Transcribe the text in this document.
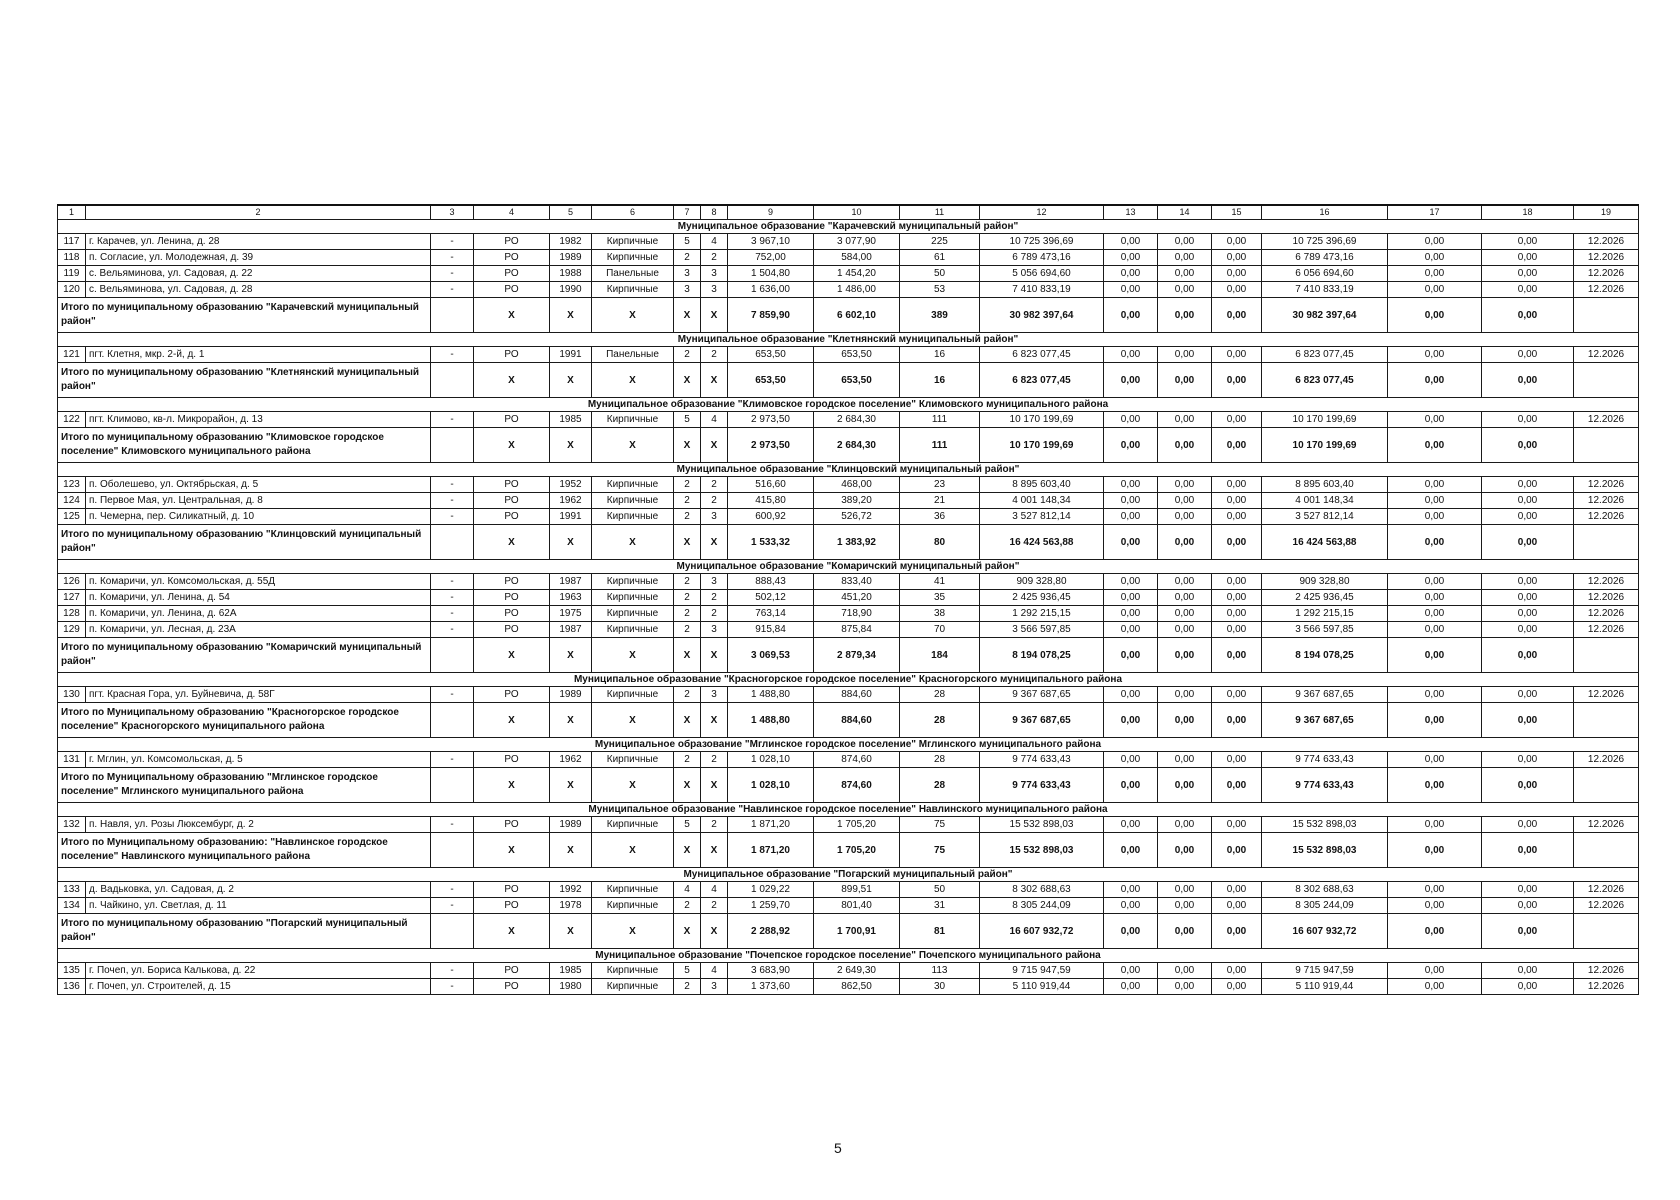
1	2	3	4	5	6	7	8	9	10	11	12	13	14	15	16	17	18	19
Муниципальное образование "Карачевский муниципальный район"																		
117	г. Карачев, ул. Ленина, д. 28	-	РО	1982	Кирпичные	5	4	3 967,10	3 077,90	225	10 725 396,69	0,00	0,00	0,00	10 725 396,69	0,00	0,00	12.2026
118	п. Согласие, ул. Молодежная, д. 39	-	РО	1989	Кирпичные	2	2	752,00	584,00	61	6 789 473,16	0,00	0,00	0,00	6 789 473,16	0,00	0,00	12.2026
119	с. Вельяминова, ул. Садовая, д. 22	-	РО	1988	Панельные	3	3	1 504,80	1 454,20	50	5 056 694,60	0,00	0,00	0,00	6 056 694,60	0,00	0,00	12.2026
120	с. Вельяминова, ул. Садовая, д. 28	-	РО	1990	Кирпичные	3	3	1 636,00	1 486,00	53	7 410 833,19	0,00	0,00	0,00	7 410 833,19	0,00	0,00	12.2026
Итого по муниципальному образованию "Карачевский муниципальный район"			X	X	X	X	X	7 859,90	6 602,10	389	30 982 397,64	0,00	0,00	0,00	30 982 397,64	0,00	0,00	
Муниципальное образование "Клетнянский муниципальный район"																		
121	пгт. Клетня, мкр. 2-й, д. 1	-	РО	1991	Панельные	2	2	653,50	653,50	16	6 823 077,45	0,00	0,00	0,00	6 823 077,45	0,00	0,00	12.2026
Итого по муниципальному образованию "Клетнянский муниципальный район"			X	X	X	X	X	653,50	653,50	16	6 823 077,45	0,00	0,00	0,00	6 823 077,45	0,00	0,00	
Муниципальное образование "Климовское городское поселение" Климовского муниципального района																		
122	пгт. Климово, кв-л. Микрорайон, д. 13	-	РО	1985	Кирпичные	5	4	2 973,50	2 684,30	111	10 170 199,69	0,00	0,00	0,00	10 170 199,69	0,00	0,00	12.2026
Итого по муниципальному образованию "Климовское городское поселение" Климовского муниципального района			X	X	X	X	X	2 973,50	2 684,30	111	10 170 199,69	0,00	0,00	0,00	10 170 199,69	0,00	0,00	
Муниципальное образование "Клинцовский муниципальный район"																		
123	п. Оболешево, ул. Октябрьская, д. 5	-	РО	1952	Кирпичные	2	2	516,60	468,00	23	8 895 603,40	0,00	0,00	0,00	8 895 603,40	0,00	0,00	12.2026
124	п. Первое Мая, ул. Центральная, д. 8	-	РО	1962	Кирпичные	2	2	415,80	389,20	21	4 001 148,34	0,00	0,00	0,00	4 001 148,34	0,00	0,00	12.2026
125	п. Чемерна, пер. Силикатный, д. 10	-	РО	1991	Кирпичные	2	3	600,92	526,72	36	3 527 812,14	0,00	0,00	0,00	3 527 812,14	0,00	0,00	12.2026
Итого по муниципальному образованию "Клинцовский муниципальный район"			X	X	X	X	X	1 533,32	1 383,92	80	16 424 563,88	0,00	0,00	0,00	16 424 563,88	0,00	0,00	
Муниципальное образование "Комаричский муниципальный район"																		
126	п. Комаричи, ул. Комсомольская, д. 55Д	-	РО	1987	Кирпичные	2	3	888,43	833,40	41	909 328,80	0,00	0,00	0,00	909 328,80	0,00	0,00	12.2026
127	п. Комаричи, ул. Ленина, д. 54	-	РО	1963	Кирпичные	2	2	502,12	451,20	35	2 425 936,45	0,00	0,00	0,00	2 425 936,45	0,00	0,00	12.2026
128	п. Комаричи, ул. Ленина, д. 62А	-	РО	1975	Кирпичные	2	2	763,14	718,90	38	1 292 215,15	0,00	0,00	0,00	1 292 215,15	0,00	0,00	12.2026
129	п. Комаричи, ул. Лесная, д. 23А	-	РО	1987	Кирпичные	2	3	915,84	875,84	70	3 566 597,85	0,00	0,00	0,00	3 566 597,85	0,00	0,00	12.2026
Итого по муниципальному образованию "Комаричский муниципальный район"			X	X	X	X	X	3 069,53	2 879,34	184	8 194 078,25	0,00	0,00	0,00	8 194 078,25	0,00	0,00	
Муниципальное образование "Красногорское городское поселение" Красногорского муниципального района																		
130	пгт. Красная Гора, ул. Буйневича, д. 58Г	-	РО	1989	Кирпичные	2	3	1 488,80	884,60	28	9 367 687,65	0,00	0,00	0,00	9 367 687,65	0,00	0,00	12.2026
Итого по Муниципальному образованию "Красногорское городское поселение" Красногорского муниципального района			X	X	X	X	X	1 488,80	884,60	28	9 367 687,65	0,00	0,00	0,00	9 367 687,65	0,00	0,00	
Муниципальное образование "Мглинское городское поселение" Мглинского муниципального района																		
131	г. Мглин, ул. Комсомольская, д. 5	-	РО	1962	Кирпичные	2	2	1 028,10	874,60	28	9 774 633,43	0,00	0,00	0,00	9 774 633,43	0,00	0,00	12.2026
Итого по Муниципальному образованию "Мглинское городское поселение" Мглинского муниципального района			X	X	X	X	X	1 028,10	874,60	28	9 774 633,43	0,00	0,00	0,00	9 774 633,43	0,00	0,00	
Муниципальное образование "Навлинское городское поселение" Навлинского муниципального района																		
132	п. Навля, ул. Розы Люксембург, д. 2	-	РО	1989	Кирпичные	5	2	1 871,20	1 705,20	75	15 532 898,03	0,00	0,00	0,00	15 532 898,03	0,00	0,00	12.2026
Итого по Муниципальному образованию: "Навлинское городское поселение" Навлинского муниципального района			X	X	X	X	X	1 871,20	1 705,20	75	15 532 898,03	0,00	0,00	0,00	15 532 898,03	0,00	0,00	
Муниципальное образование "Погарский муниципальный район"																		
133	д. Вадьковка, ул. Садовая, д. 2	-	РО	1992	Кирпичные	4	4	1 029,22	899,51	50	8 302 688,63	0,00	0,00	0,00	8 302 688,63	0,00	0,00	12.2026
134	п. Чайкино, ул. Светлая, д. 11	-	РО	1978	Кирпичные	2	2	1 259,70	801,40	31	8 305 244,09	0,00	0,00	0,00	8 305 244,09	0,00	0,00	12.2026
Итого по муниципальному образованию "Погарский муниципальный район"			X	X	X	X	X	2 288,92	1 700,91	81	16 607 932,72	0,00	0,00	0,00	16 607 932,72	0,00	0,00	
Муниципальное образование "Почепское городское поселение" Почепского муниципального района																		
135	г. Почеп, ул. Бориса Калькова, д. 22	-	РО	1985	Кирпичные	5	4	3 683,90	2 649,30	113	9 715 947,59	0,00	0,00	0,00	9 715 947,59	0,00	0,00	12.2026
136	г. Почеп, ул. Строителей, д. 15	-	РО	1980	Кирпичные	2	3	1 373,60	862,50	30	5 110 919,44	0,00	0,00	0,00	5 110 919,44	0,00	0,00	12.2026
5
